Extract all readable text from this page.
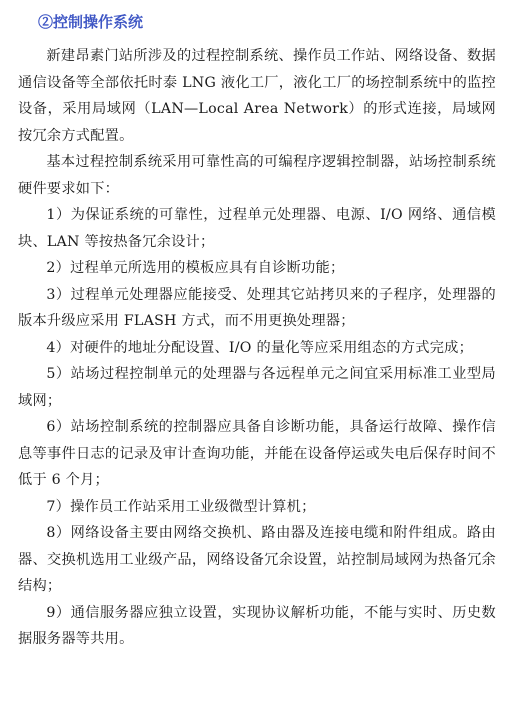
②控制操作系统

新建昂素门站所涉及的过程控制系统、操作员工作站、网络设备、数据通信设备等全部依托时泰 LNG 液化工厂，液化工厂的场控制系统中的监控设备，采用局域网（LAN—Local Area Network）的形式连接，局域网按冗余方式配置。

基本过程控制系统采用可靠性高的可编程序逻辑控制器，站场控制系统硬件要求如下：

1）为保证系统的可靠性，过程单元处理器、电源、I/O 网络、通信模块、LAN 等按热备冗余设计；

2）过程单元所选用的模板应具有自诊断功能；

3）过程单元处理器应能接受、处理其它站拷贝来的子程序，处理器的版本升级应采用 FLASH 方式，而不用更换处理器；

4）对硬件的地址分配设置、I/O 的量化等应采用组态的方式完成；

5）站场过程控制单元的处理器与各远程单元之间宜采用标准工业型局域网；

6）站场控制系统的控制器应具备自诊断功能，具备运行故障、操作信息等事件日志的记录及审计查询功能，并能在设备停运或失电后保存时间不低于 6 个月；

7）操作员工作站采用工业级微型计算机；

8）网络设备主要由网络交换机、路由器及连接电缆和附件组成。路由器、交换机选用工业级产品，网络设备冗余设置，站控制局域网为热备冗余结构；

9）通信服务器应独立设置，实现协议解析功能，不能与实时、历史数据服务器等共用。
